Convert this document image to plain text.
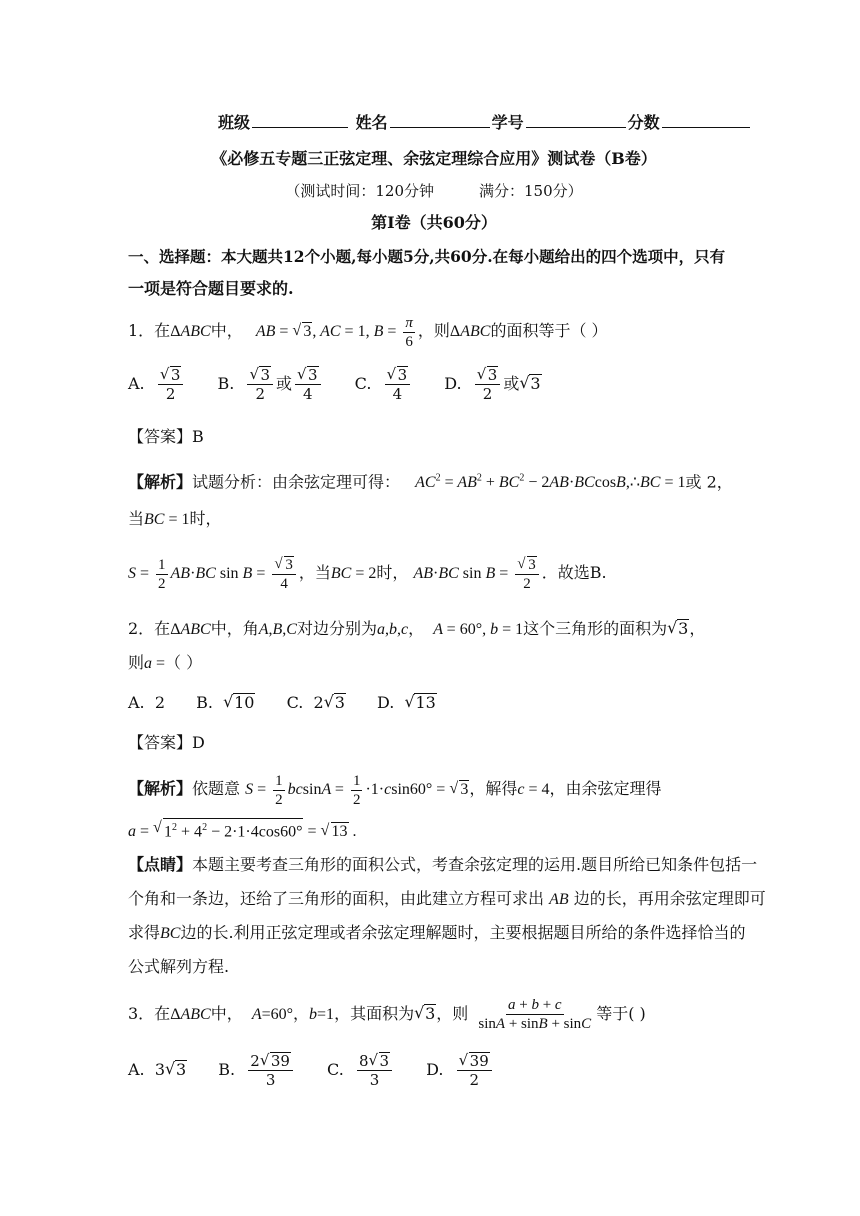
班级	姓名	学号	分数
《必修五专题三正弦定理、余弦定理综合应用》测试卷（B卷）
（测试时间：120分钟　　　满分：150分）
第Ⅰ卷（共60分）
一、选择题：本大题共12个小题,每小题5分,共60分.在每小题给出的四个选项中，只有
一项是符合题目要求的.
1．在ΔABC中，   AB = √ 3, AC = 1, $B = \frac{\pi}{6}$ ，则ΔABC的面积等于（ ）
A. √ $\frac{3}{2} B$. √ $\frac{3}{2}$ 或 √ $\frac{3}{4} C$. √ $\frac{3}{4} D$. √ $\frac{3}{2}$ 或 √ 3
【答案】B
【解析】试题分析：由余弦定理可得： $AC^2 = AB^2 + BC^2$ − 2AB·BCcosB,∴BC = 1或 2，
当BC = 1时，
$S = \frac{1}{2} AB\cdot BC$ sin B = √ $\frac{3}{4}$ ，当BC = 2时， AB·BC sin B = √ $\frac{3}{2}$ ．故选B.
2．在ΔABC中，角A,B,C对边分别为a,b,c，  A = 60°, b = 1这个三角形的面积为 √ 3，
则a =（ ）
A.  2 B. √ 10 C.  2 √ 3 D. √ 13
【答案】D
【解析】依题意 $S = \frac{1}{2}$ $bcsinA = \frac{1}{2} \cdot 1\cdot csin60^\circ$ = √ 3，解得c = 4，由余弦定理得
a = √ $1^2 + 4^2 - 2\cdot 1\cdot 4\cos 60^\circ$ = √ 13 .
【点睛】本题主要考查三角形的面积公式，考查余弦定理的运用.题目所给已知条件包括一
个角和一条边，还给了三角形的面积，由此建立方程可求出 AB 边的长，再用余弦定理即可
求得BC边的长.利用正弦定理或者余弦定理解题时，主要根据题目所给的条件选择恰当的
公式解列方程.
3．在ΔABC中，  A=60°，b=1，其面积为 √ 3，则 $\frac{a + b + c}{\sin A + \sin B + \sin C}$ 等于( )
A.  3 √ 3 B. $\frac{2 √ 39}{3} C$. $\frac{8 √ 3}{3} D$. √ $\frac{39}{2}$
